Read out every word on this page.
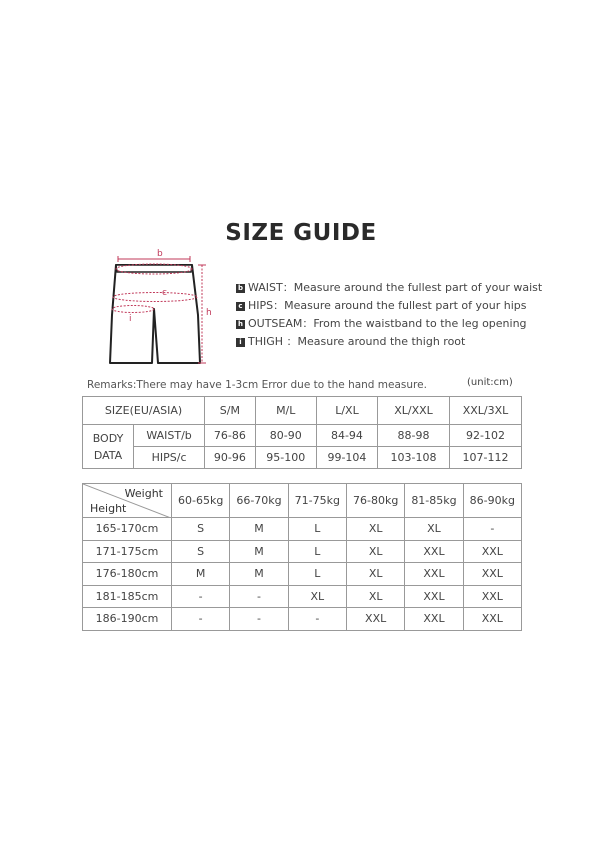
SIZE GUIDE
b
c
i
h
b WAIST：Measure around the fullest part of your waist
c HIPS：Measure around the fullest part of your hips
h OUTSEAM：From the waistband to the leg opening
i THIGH ：Measure around the thigh root
Remarks:There may have 1-3cm Error due to the hand measure.	(unit:cm)
SIZE(EU/ASIA)		S/M	M/L	L/XL	XL/XXL	XXL/3XL
BODY
DATA	WAIST/b	76-86	80-90	84-94	88-98	92-102
	HIPS/c	90-96	95-100	99-104	103-108	107-112
Weight
Height	60-65kg	66-70kg	71-75kg	76-80kg	81-85kg	86-90kg
165-170cm	S	M	L	XL	XL	-
171-175cm	S	M	L	XL	XXL	XXL
176-180cm	M	M	L	XL	XXL	XXL
181-185cm	-	-	XL	XL	XXL	XXL
186-190cm	-	-	-	XXL	XXL	XXL
